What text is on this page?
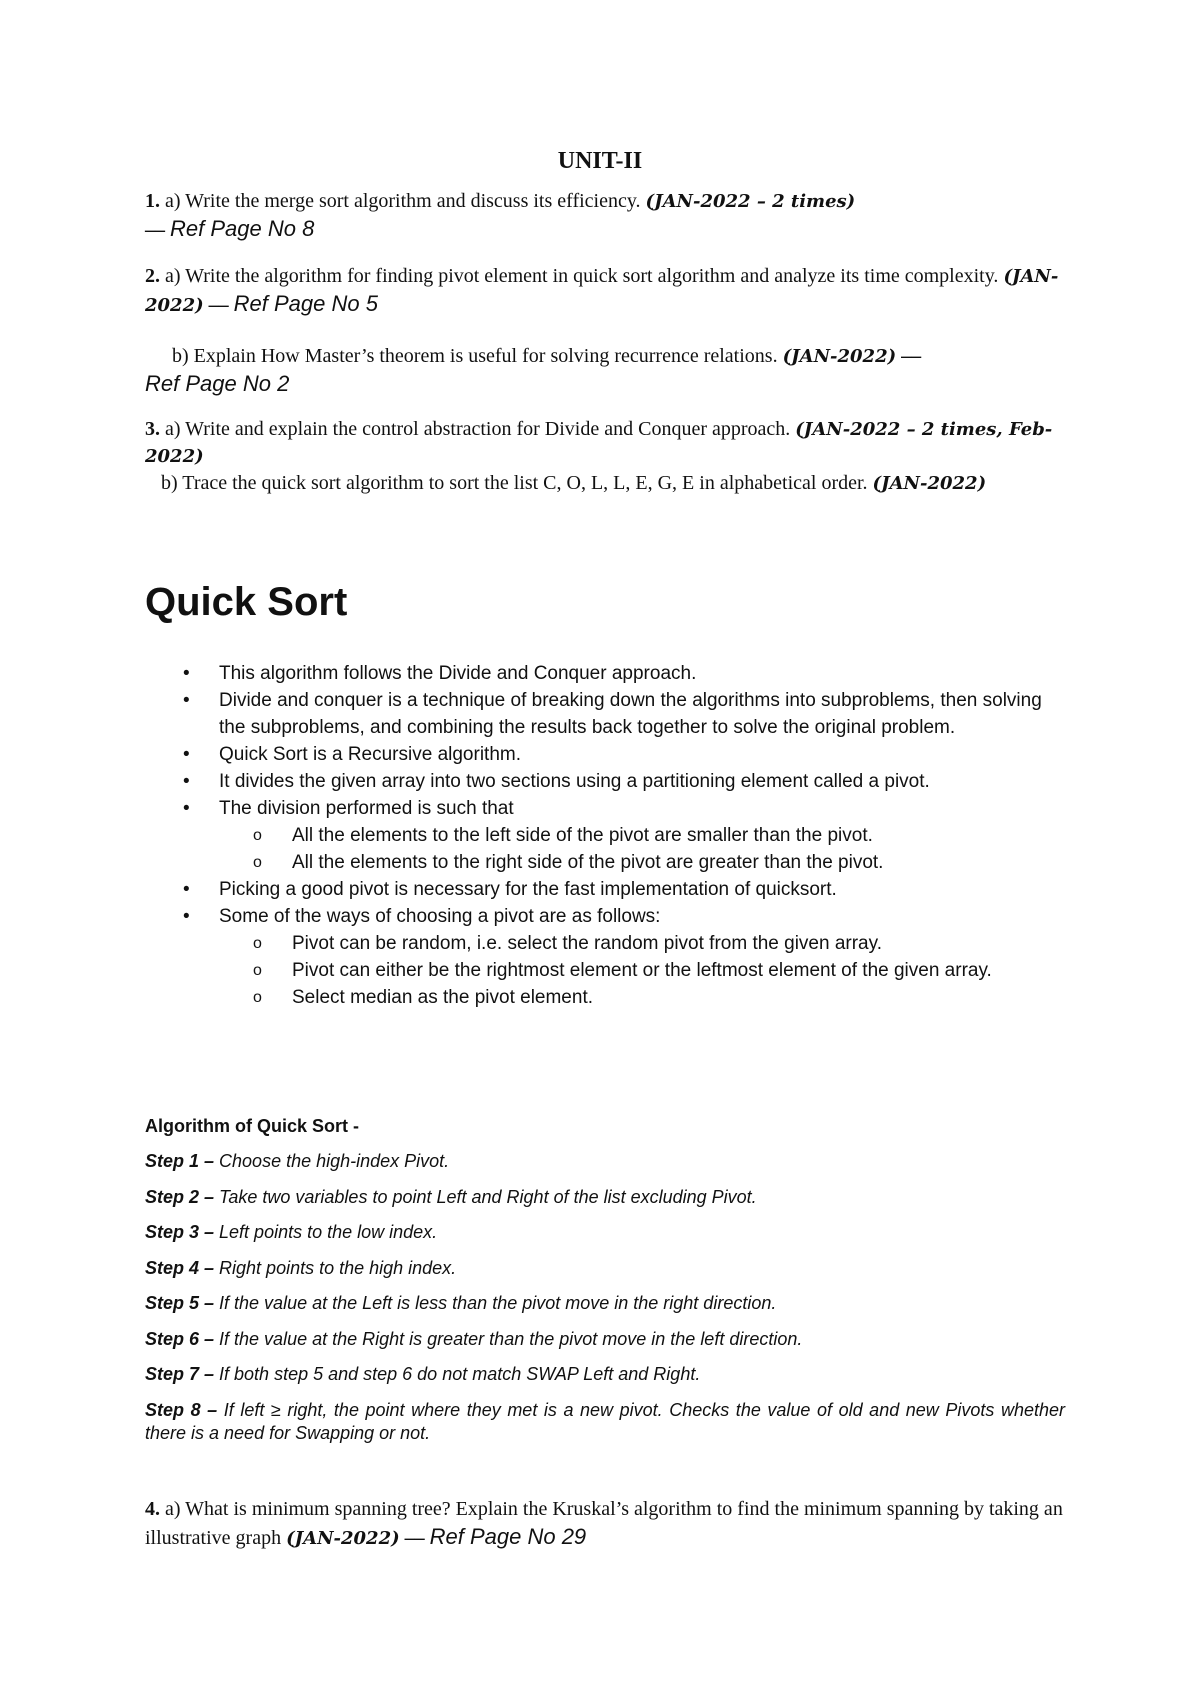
UNIT-II
1. a) Write the merge sort algorithm and discuss its efficiency. (JAN-2022 – 2 times)
–– Ref Page No 8
2. a) Write the algorithm for finding pivot element in quick sort algorithm and analyze its time complexity. (JAN-2022) –– Ref Page No 5
b) Explain How Master’s theorem is useful for solving recurrence relations. (JAN-2022) ––
Ref Page No 2
3. a) Write and explain the control abstraction for Divide and Conquer approach. (JAN-2022 – 2 times, Feb-2022)
b) Trace the quick sort algorithm to sort the list C, O, L, L, E, G, E in alphabetical order. (JAN-2022)
Quick Sort
• This algorithm follows the Divide and Conquer approach.
• Divide and conquer is a technique of breaking down the algorithms into subproblems, then solving the subproblems, and combining the results back together to solve the original problem.
• Quick Sort is a Recursive algorithm.
• It divides the given array into two sections using a partitioning element called a pivot.
• The division performed is such that
o All the elements to the left side of the pivot are smaller than the pivot.
o All the elements to the right side of the pivot are greater than the pivot.
• Picking a good pivot is necessary for the fast implementation of quicksort.
• Some of the ways of choosing a pivot are as follows:
o Pivot can be random, i.e. select the random pivot from the given array.
o Pivot can either be the rightmost element or the leftmost element of the given array.
o Select median as the pivot element.
Algorithm of Quick Sort -
Step 1 – Choose the high-index Pivot.
Step 2 – Take two variables to point Left and Right of the list excluding Pivot.
Step 3 – Left points to the low index.
Step 4 – Right points to the high index.
Step 5 – If the value at the Left is less than the pivot move in the right direction.
Step 6 – If the value at the Right is greater than the pivot move in the left direction.
Step 7 – If both step 5 and step 6 do not match SWAP Left and Right.
Step 8 – If left ≥ right, the point where they met is a new pivot. Checks the value of old and new Pivots whether there is a need for Swapping or not.
4. a) What is minimum spanning tree? Explain the Kruskal’s algorithm to find the minimum spanning by taking an illustrative graph (JAN-2022) –– Ref Page No 29
